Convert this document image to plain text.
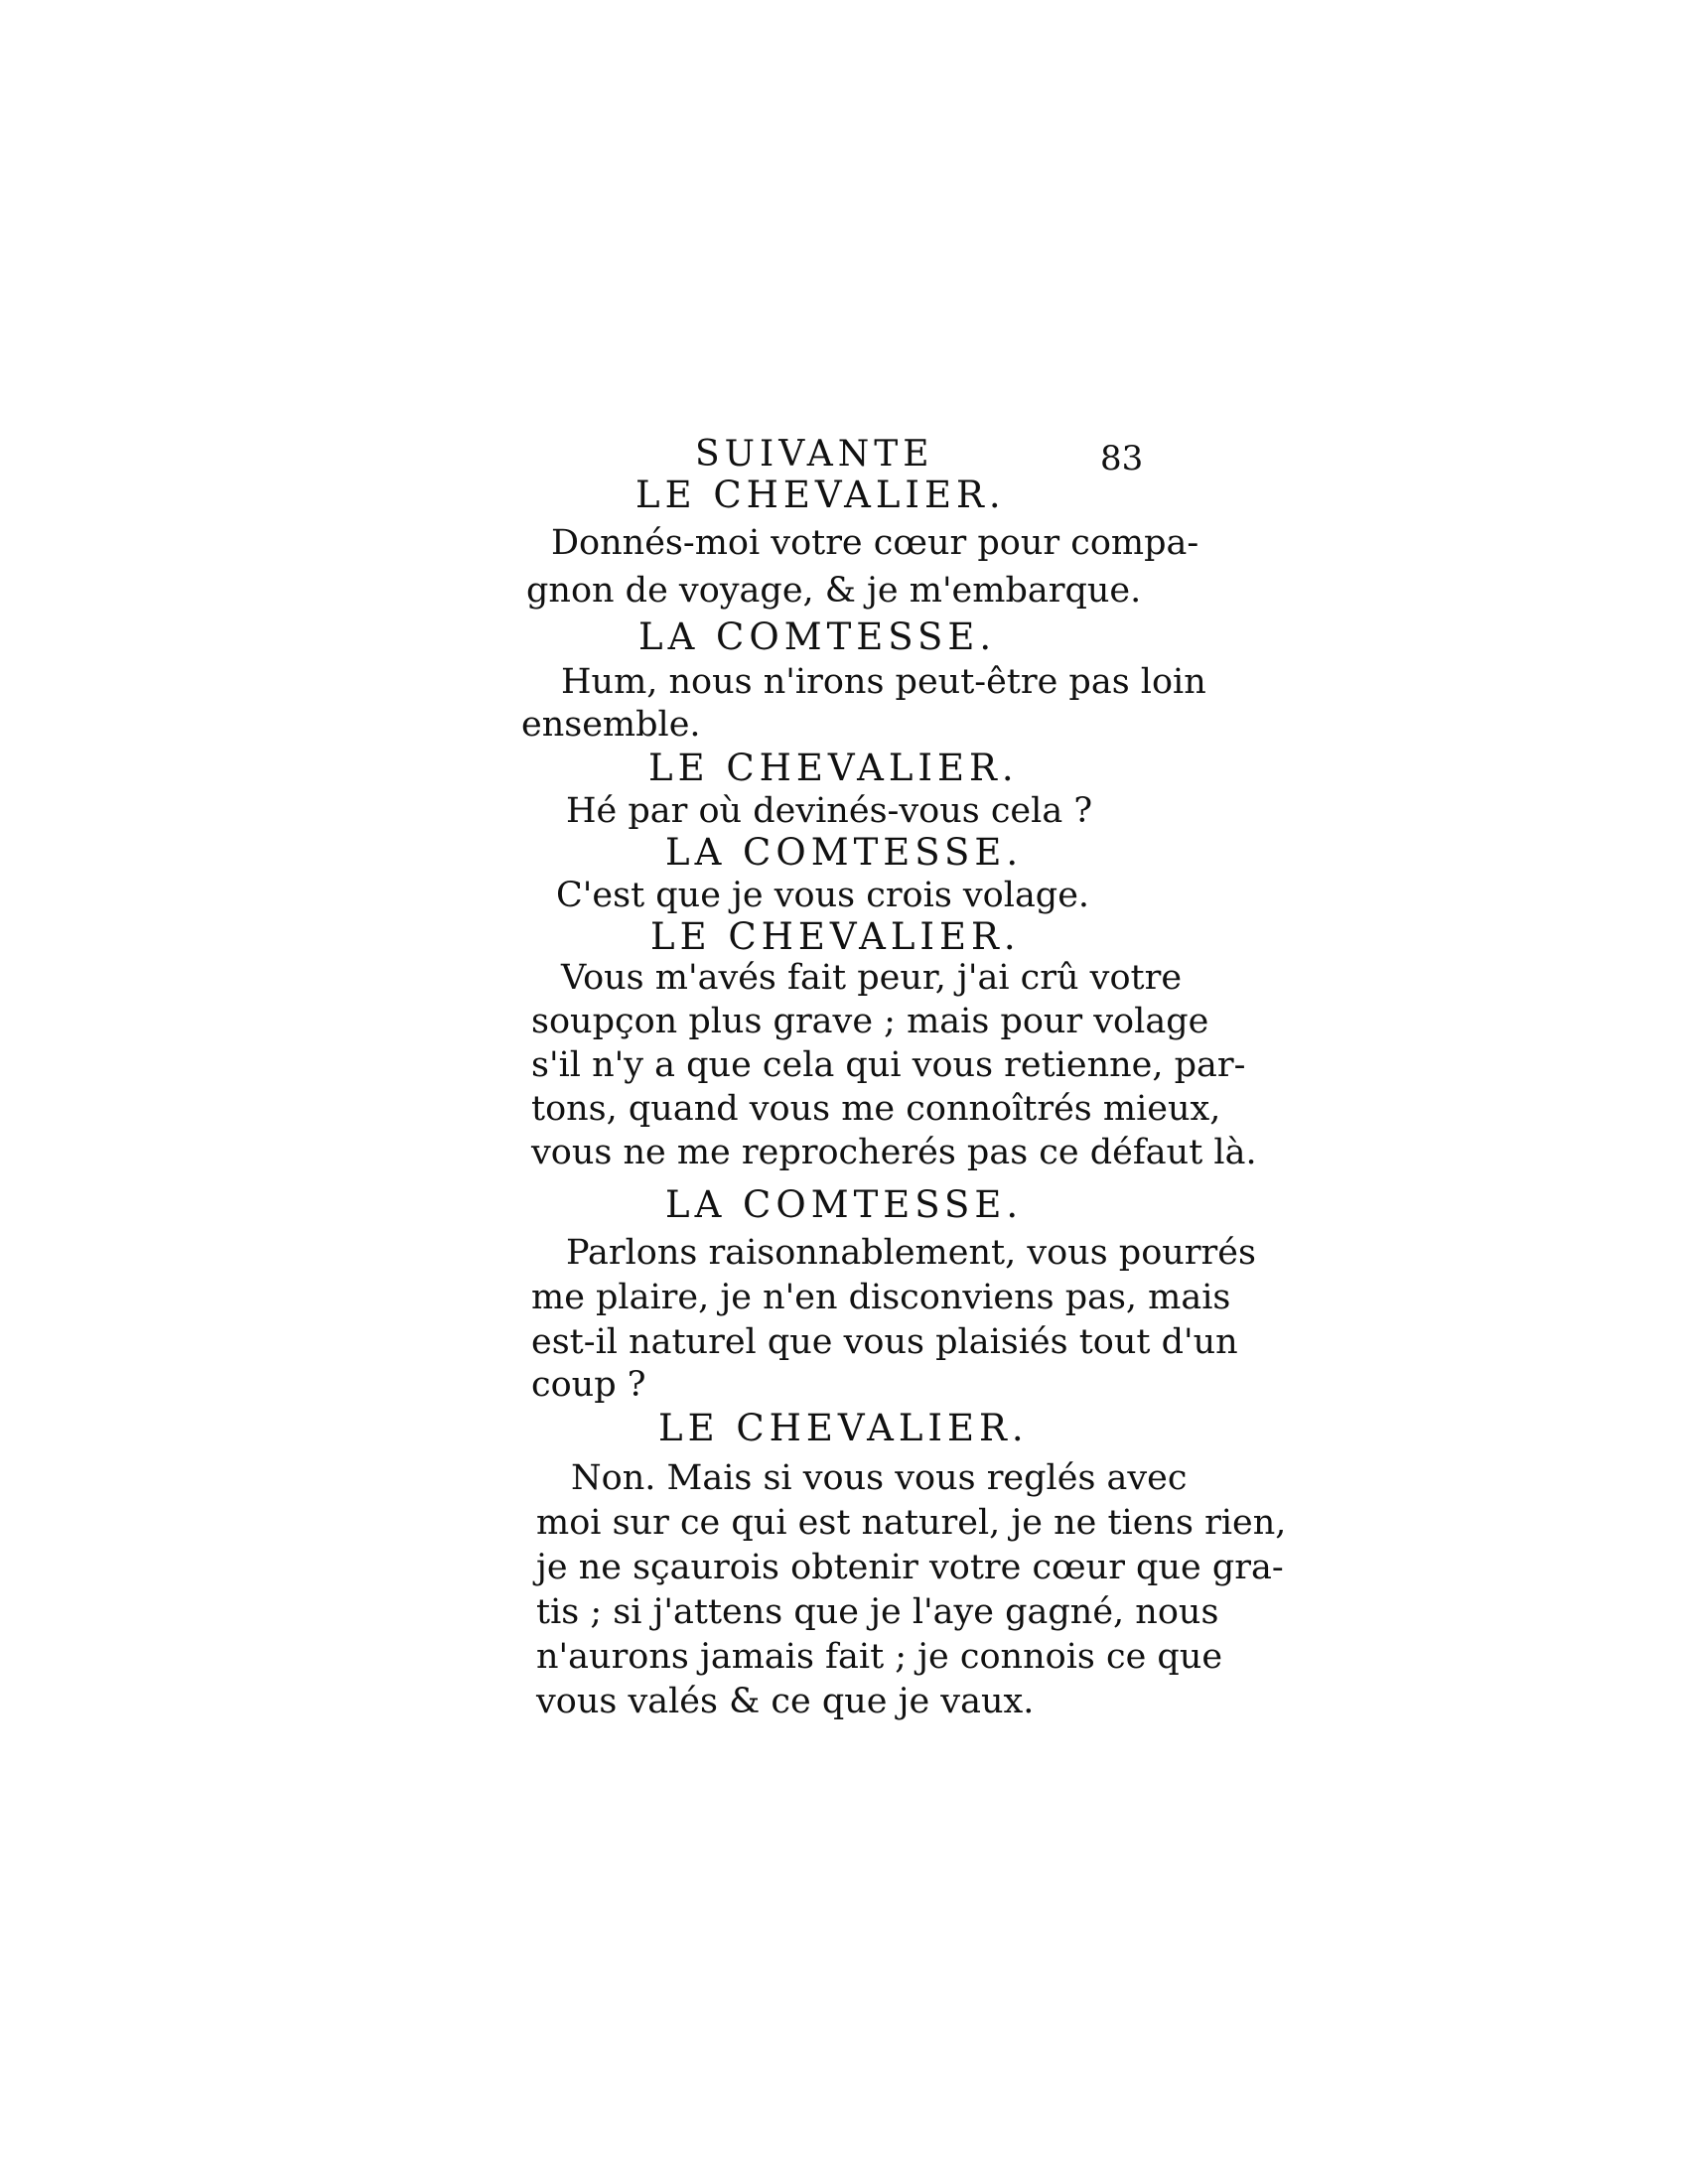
SUIVANTE	83
LE CHEVALIER.
Donnés-moi votre cœur pour compa-
gnon de voyage, & je m'embarque.
LA COMTESSE.
Hum, nous n'irons peut-être pas loin
ensemble.
LE CHEVALIER.
Hé par où devinés-vous cela ?
LA COMTESSE.
C'est que je vous crois volage.
LE CHEVALIER.
Vous m'avés fait peur, j'ai crû votre
soupçon plus grave ; mais pour volage
s'il n'y a que cela qui vous retienne, par-
tons, quand vous me connoîtrés mieux,
vous ne me reprocherés pas ce défaut là.
LA COMTESSE.
Parlons raisonnablement, vous pourrés
me plaire, je n'en disconviens pas, mais
est-il naturel que vous plaisiés tout d'un
coup ?
LE CHEVALIER.
Non. Mais si vous vous reglés avec
moi sur ce qui est naturel, je ne tiens rien,
je ne sçaurois obtenir votre cœur que gra-
tis ; si j'attens que je l'aye gagné, nous
n'aurons jamais fait ; je connois ce que
vous valés & ce que je vaux.
